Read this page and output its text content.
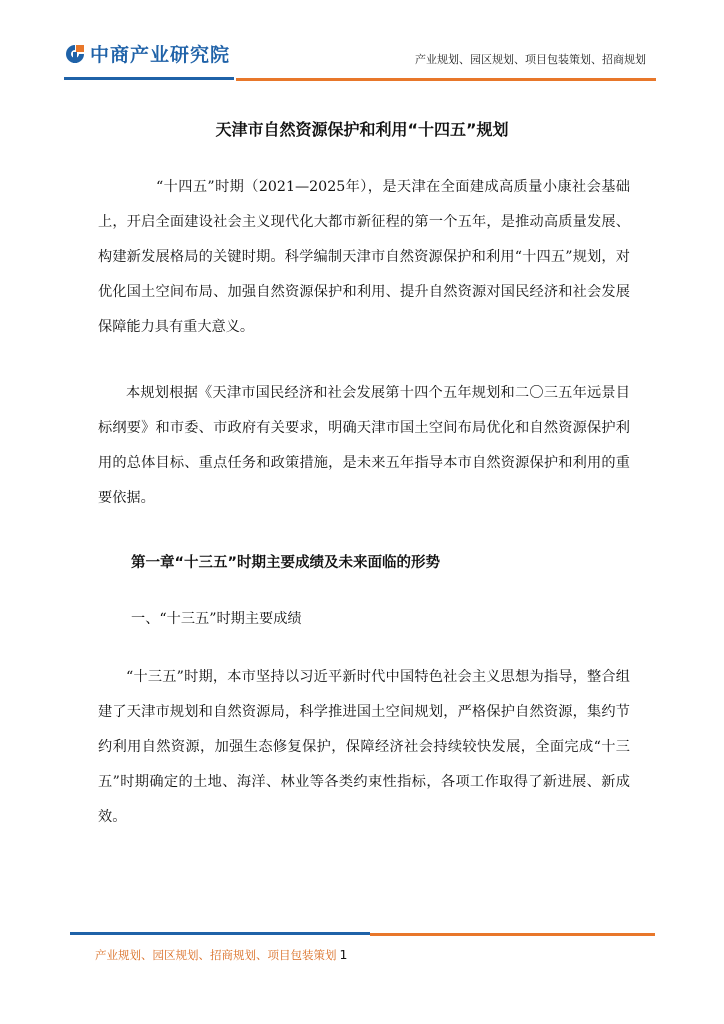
中商产业研究院	产业规划、园区规划、项目包装策划、招商规划
天津市自然资源保护和利用“十四五”规划

“十四五”时期（2021—2025年），是天津在全面建成高质量小康社会基础上，开启全面建设社会主义现代化大都市新征程的第一个五年，是推动高质量发展、构建新发展格局的关键时期。科学编制天津市自然资源保护和利用“十四五”规划，对优化国土空间布局、加强自然资源保护和利用、提升自然资源对国民经济和社会发展保障能力具有重大意义。

本规划根据《天津市国民经济和社会发展第十四个五年规划和二〇三五年远景目标纲要》和市委、市政府有关要求，明确天津市国土空间布局优化和自然资源保护利用的总体目标、重点任务和政策措施，是未来五年指导本市自然资源保护和利用的重要依据。

第一章“十三五”时期主要成绩及未来面临的形势
一、“十三五”时期主要成绩

“十三五”时期，本市坚持以习近平新时代中国特色社会主义思想为指导，整合组建了天津市规划和自然资源局，科学推进国土空间规划，严格保护自然资源，集约节约利用自然资源，加强生态修复保护，保障经济社会持续较快发展，全面完成“十三五”时期确定的土地、海洋、林业等各类约束性指标，各项工作取得了新进展、新成效。

产业规划、园区规划、招商规划、项目包装策划 1
